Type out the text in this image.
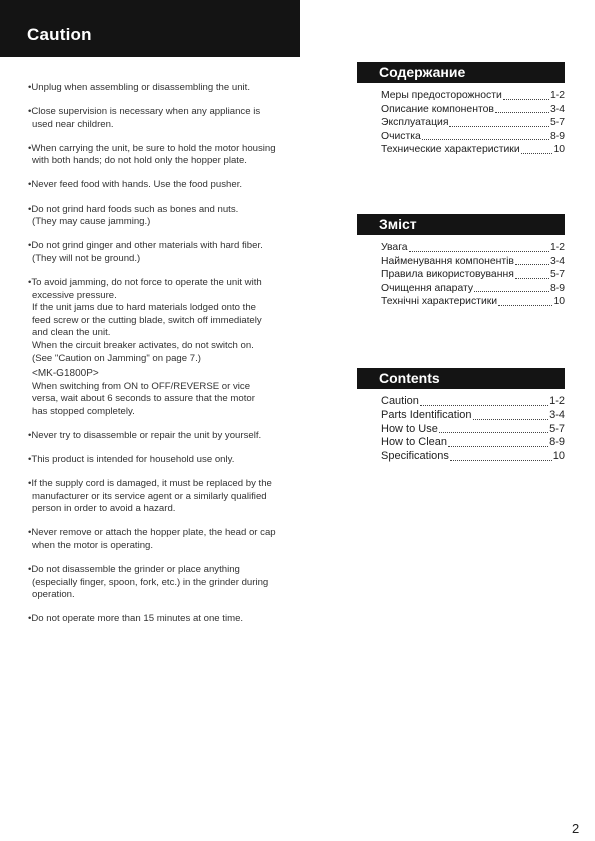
Caution
•Unplug when assembling or disassembling the unit.
•Close supervision is necessary when any appliance is
used near children.
•When carrying the unit, be sure to hold the motor housing
with both hands; do not hold only the hopper plate.
•Never feed food with hands. Use the food pusher.
•Do not grind hard foods such as bones and nuts.
(They may cause jamming.)
•Do not grind ginger and other materials with hard fiber.
(They will not be ground.)
•To avoid jamming, do not force to operate the unit with
excessive pressure.
If the unit jams due to hard materials lodged onto the
feed screw or the cutting blade, switch off immediately
and clean the unit.
When the circuit breaker activates, do not switch on.
(See "Caution on Jamming" on page 7.)
<MK-G1800P>
When switching from ON to OFF/REVERSE or vice
versa, wait about 6 seconds to assure that the motor
has stopped completely.
•Never try to disassemble or repair the unit by yourself.
•This product is intended for household use only.
•If the supply cord is damaged, it must be replaced by the
manufacturer or its service agent or a similarly qualified
person in order to avoid a hazard.
•Never remove or attach the hopper plate, the head or cap
when the motor is operating.
•Do not disassemble the grinder or place anything
(especially finger, spoon, fork, etc.) in the grinder during
operation.
•Do not operate more than 15 minutes at one time.
Содержание
Меры предосторожности	1-2
Описание компонентов	3-4
Эксплуатация	5-7
Очистка	8-9
Технические характеристики	10
Зміст
Увага	1-2
Найменування компонентів	3-4
Правила використовування	5-7
Очищення апарату	8-9
Технічні характеристики	10
Contents
Caution	1-2
Parts Identification	3-4
How to Use	5-7
How to Clean	8-9
Specifications	10
2
